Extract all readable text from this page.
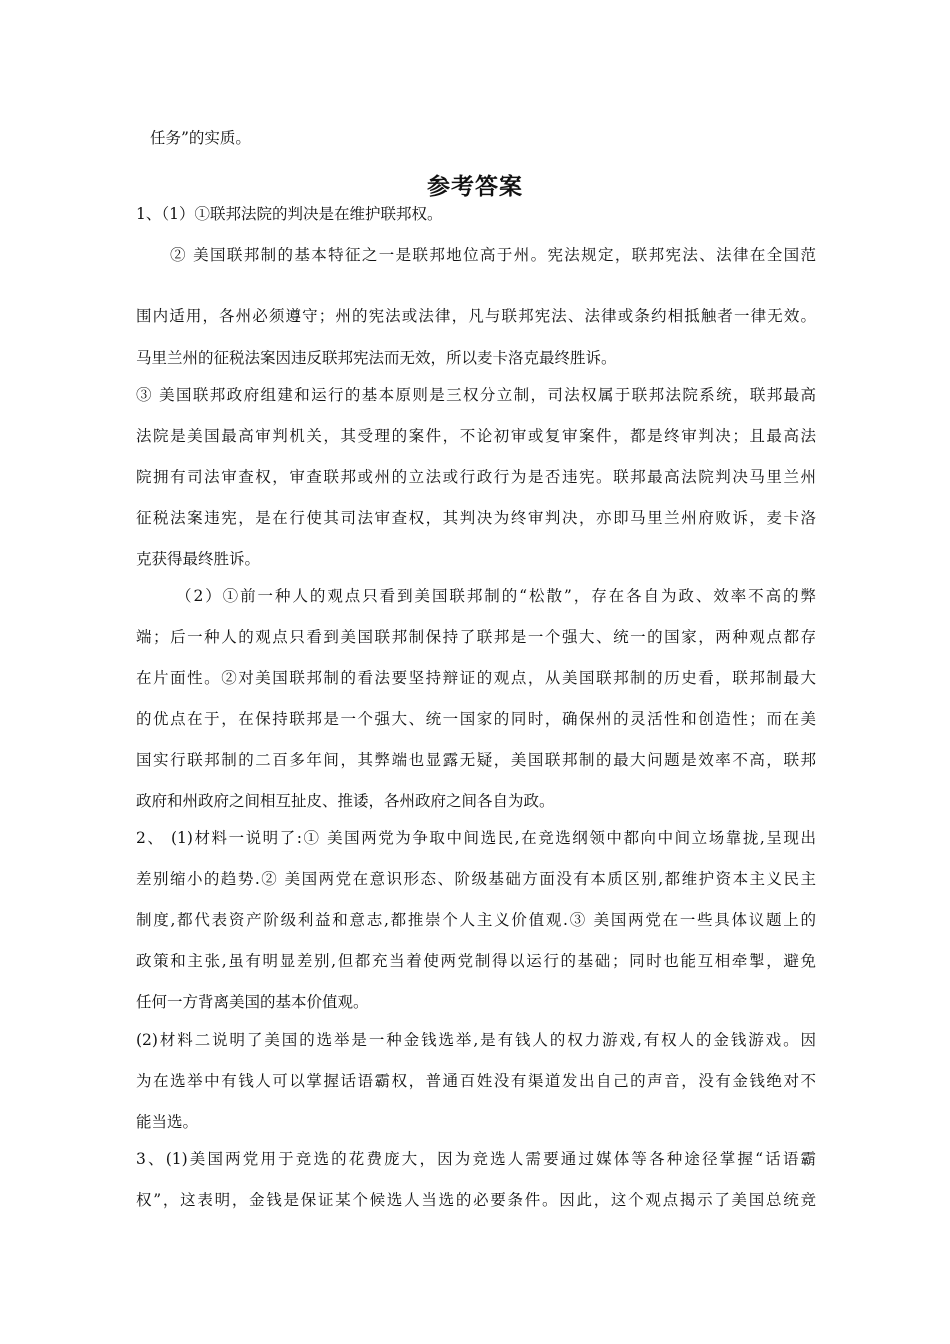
任务”的实质。
参考答案
1、（1）①联邦法院的判决是在维护联邦权。
② 美国联邦制的基本特征之一是联邦地位高于州。宪法规定，联邦宪法、法律在全国范
围内适用，各州必须遵守；州的宪法或法律，凡与联邦宪法、法律或条约相抵触者一律无效。
马里兰州的征税法案因违反联邦宪法而无效，所以麦卡洛克最终胜诉。
③ 美国联邦政府组建和运行的基本原则是三权分立制，司法权属于联邦法院系统，联邦最高
法院是美国最高审判机关，其受理的案件，不论初审或复审案件，都是终审判决；且最高法
院拥有司法审查权，审查联邦或州的立法或行政行为是否违宪。联邦最高法院判决马里兰州
征税法案违宪，是在行使其司法审查权，其判决为终审判决，亦即马里兰州府败诉，麦卡洛
克获得最终胜诉。
（2）①前一种人的观点只看到美国联邦制的“松散”，存在各自为政、效率不高的弊
端；后一种人的观点只看到美国联邦制保持了联邦是一个强大、统一的国家，两种观点都存
在片面性。②对美国联邦制的看法要坚持辩证的观点，从美国联邦制的历史看，联邦制最大
的优点在于，在保持联邦是一个强大、统一国家的同时，确保州的灵活性和创造性；而在美
国实行联邦制的二百多年间，其弊端也显露无疑，美国联邦制的最大问题是效率不高，联邦
政府和州政府之间相互扯皮、推诿，各州政府之间各自为政。
2、 (1)材料一说明了:① 美国两党为争取中间选民,在竞选纲领中都向中间立场靠拢,呈现出
差别缩小的趋势.② 美国两党在意识形态、阶级基础方面没有本质区别,都维护资本主义民主
制度,都代表资产阶级利益和意志,都推崇个人主义价值观.③ 美国两党在一些具体议题上的
政策和主张,虽有明显差别,但都充当着使两党制得以运行的基础；同时也能互相牵掣，避免
任何一方背离美国的基本价值观。
(2)材料二说明了美国的选举是一种金钱选举,是有钱人的权力游戏,有权人的金钱游戏。因
为在选举中有钱人可以掌握话语霸权，普通百姓没有渠道发出自己的声音，没有金钱绝对不
能当选。
3、(1)美国两党用于竞选的花费庞大，因为竞选人需要通过媒体等各种途径掌握“话语霸
权”，这表明，金钱是保证某个候选人当选的必要条件。因此，这个观点揭示了美国总统竞
